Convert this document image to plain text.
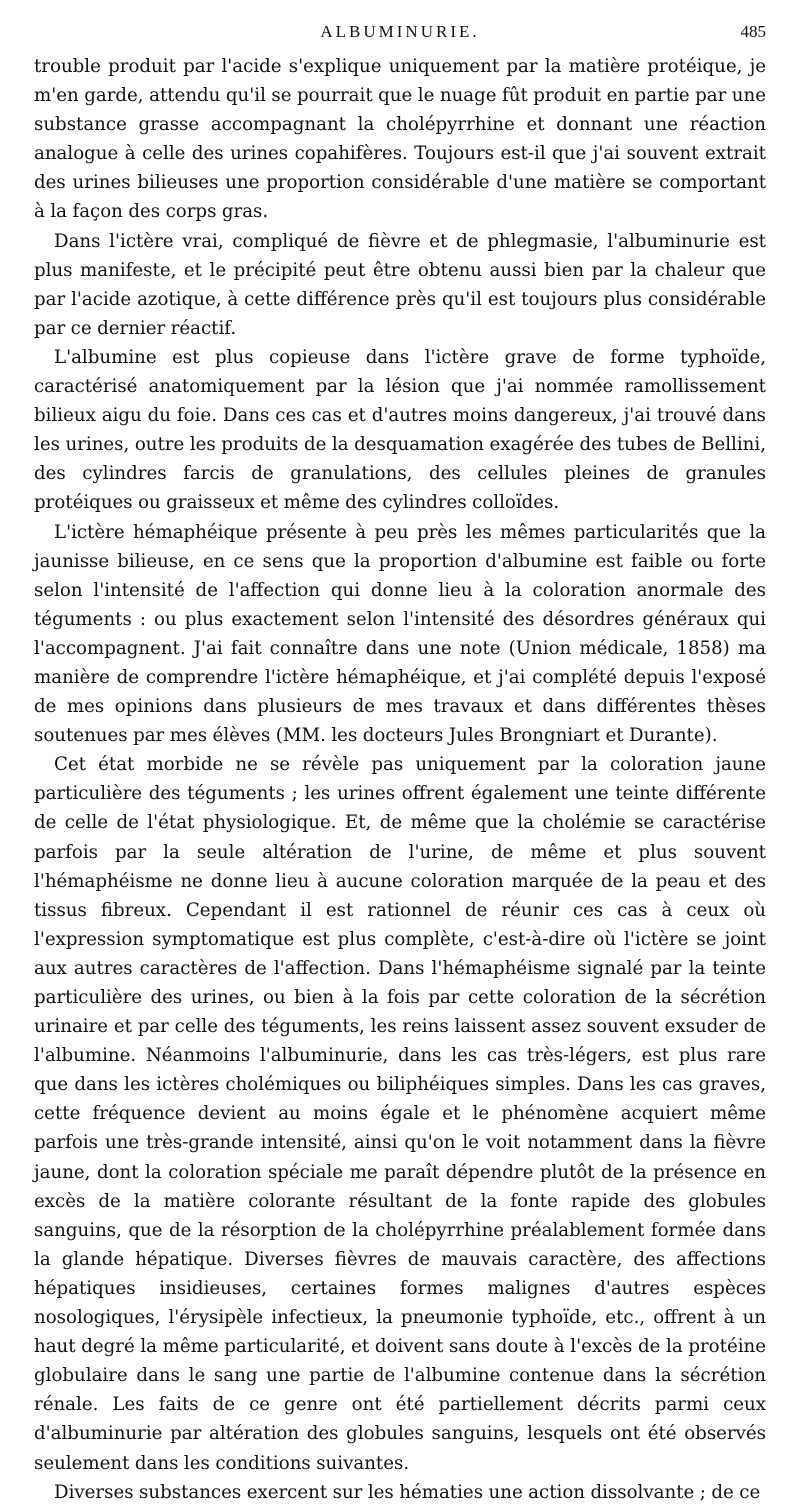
ALBUMINURIE.	485

trouble produit par l'acide s'explique uniquement par la matière protéique, je m'en garde, attendu qu'il se pourrait que le nuage fût produit en partie par une substance grasse accompagnant la cholépyrrhine et donnant une réaction analogue à celle des urines copahifères. Toujours est-il que j'ai souvent extrait des urines bilieuses une proportion considérable d'une matière se comportant à la façon des corps gras.

Dans l'ictère vrai, compliqué de fièvre et de phlegmasie, l'albuminurie est plus manifeste, et le précipité peut être obtenu aussi bien par la chaleur que par l'acide azotique, à cette différence près qu'il est toujours plus considérable par ce dernier réactif.

L'albumine est plus copieuse dans l'ictère grave de forme typhoïde, caractérisé anatomiquement par la lésion que j'ai nommée ramollissement bilieux aigu du foie. Dans ces cas et d'autres moins dangereux, j'ai trouvé dans les urines, outre les produits de la desquamation exagérée des tubes de Bellini, des cylindres farcis de granulations, des cellules pleines de granules protéiques ou graisseux et même des cylindres colloïdes.

L'ictère hémaphéique présente à peu près les mêmes particularités que la jaunisse bilieuse, en ce sens que la proportion d'albumine est faible ou forte selon l'intensité de l'affection qui donne lieu à la coloration anormale des téguments : ou plus exactement selon l'intensité des désordres généraux qui l'accompagnent. J'ai fait connaître dans une note (Union médicale, 1858) ma manière de comprendre l'ictère hémaphéique, et j'ai complété depuis l'exposé de mes opinions dans plusieurs de mes travaux et dans différentes thèses soutenues par mes élèves (MM. les docteurs Jules Brongniart et Durante).

Cet état morbide ne se révèle pas uniquement par la coloration jaune particulière des téguments ; les urines offrent également une teinte différente de celle de l'état physiologique. Et, de même que la cholémie se caractérise parfois par la seule altération de l'urine, de même et plus souvent l'hémaphéisme ne donne lieu à aucune coloration marquée de la peau et des tissus fibreux. Cependant il est rationnel de réunir ces cas à ceux où l'expression symptomatique est plus complète, c'est-à-dire où l'ictère se joint aux autres caractères de l'affection. Dans l'hémaphéisme signalé par la teinte particulière des urines, ou bien à la fois par cette coloration de la sécrétion urinaire et par celle des téguments, les reins laissent assez souvent exsuder de l'albumine. Néanmoins l'albuminurie, dans les cas très-légers, est plus rare que dans les ictères cholémiques ou biliphéiques simples. Dans les cas graves, cette fréquence devient au moins égale et le phénomène acquiert même parfois une très-grande intensité, ainsi qu'on le voit notamment dans la fièvre jaune, dont la coloration spéciale me paraît dépendre plutôt de la présence en excès de la matière colorante résultant de la fonte rapide des globules sanguins, que de la résorption de la cholépyrrhine préalablement formée dans la glande hépatique. Diverses fièvres de mauvais caractère, des affections hépatiques insidieuses, certaines formes malignes d'autres espèces nosologiques, l'érysipèle infectieux, la pneumonie typhoïde, etc., offrent à un haut degré la même particularité, et doivent sans doute à l'excès de la protéine globulaire dans le sang une partie de l'albumine contenue dans la sécrétion rénale. Les faits de ce genre ont été partiellement décrits parmi ceux d'albuminurie par altération des globules sanguins, lesquels ont été observés seulement dans les conditions suivantes.

Diverses substances exercent sur les hématies une action dissolvante ; de ce
